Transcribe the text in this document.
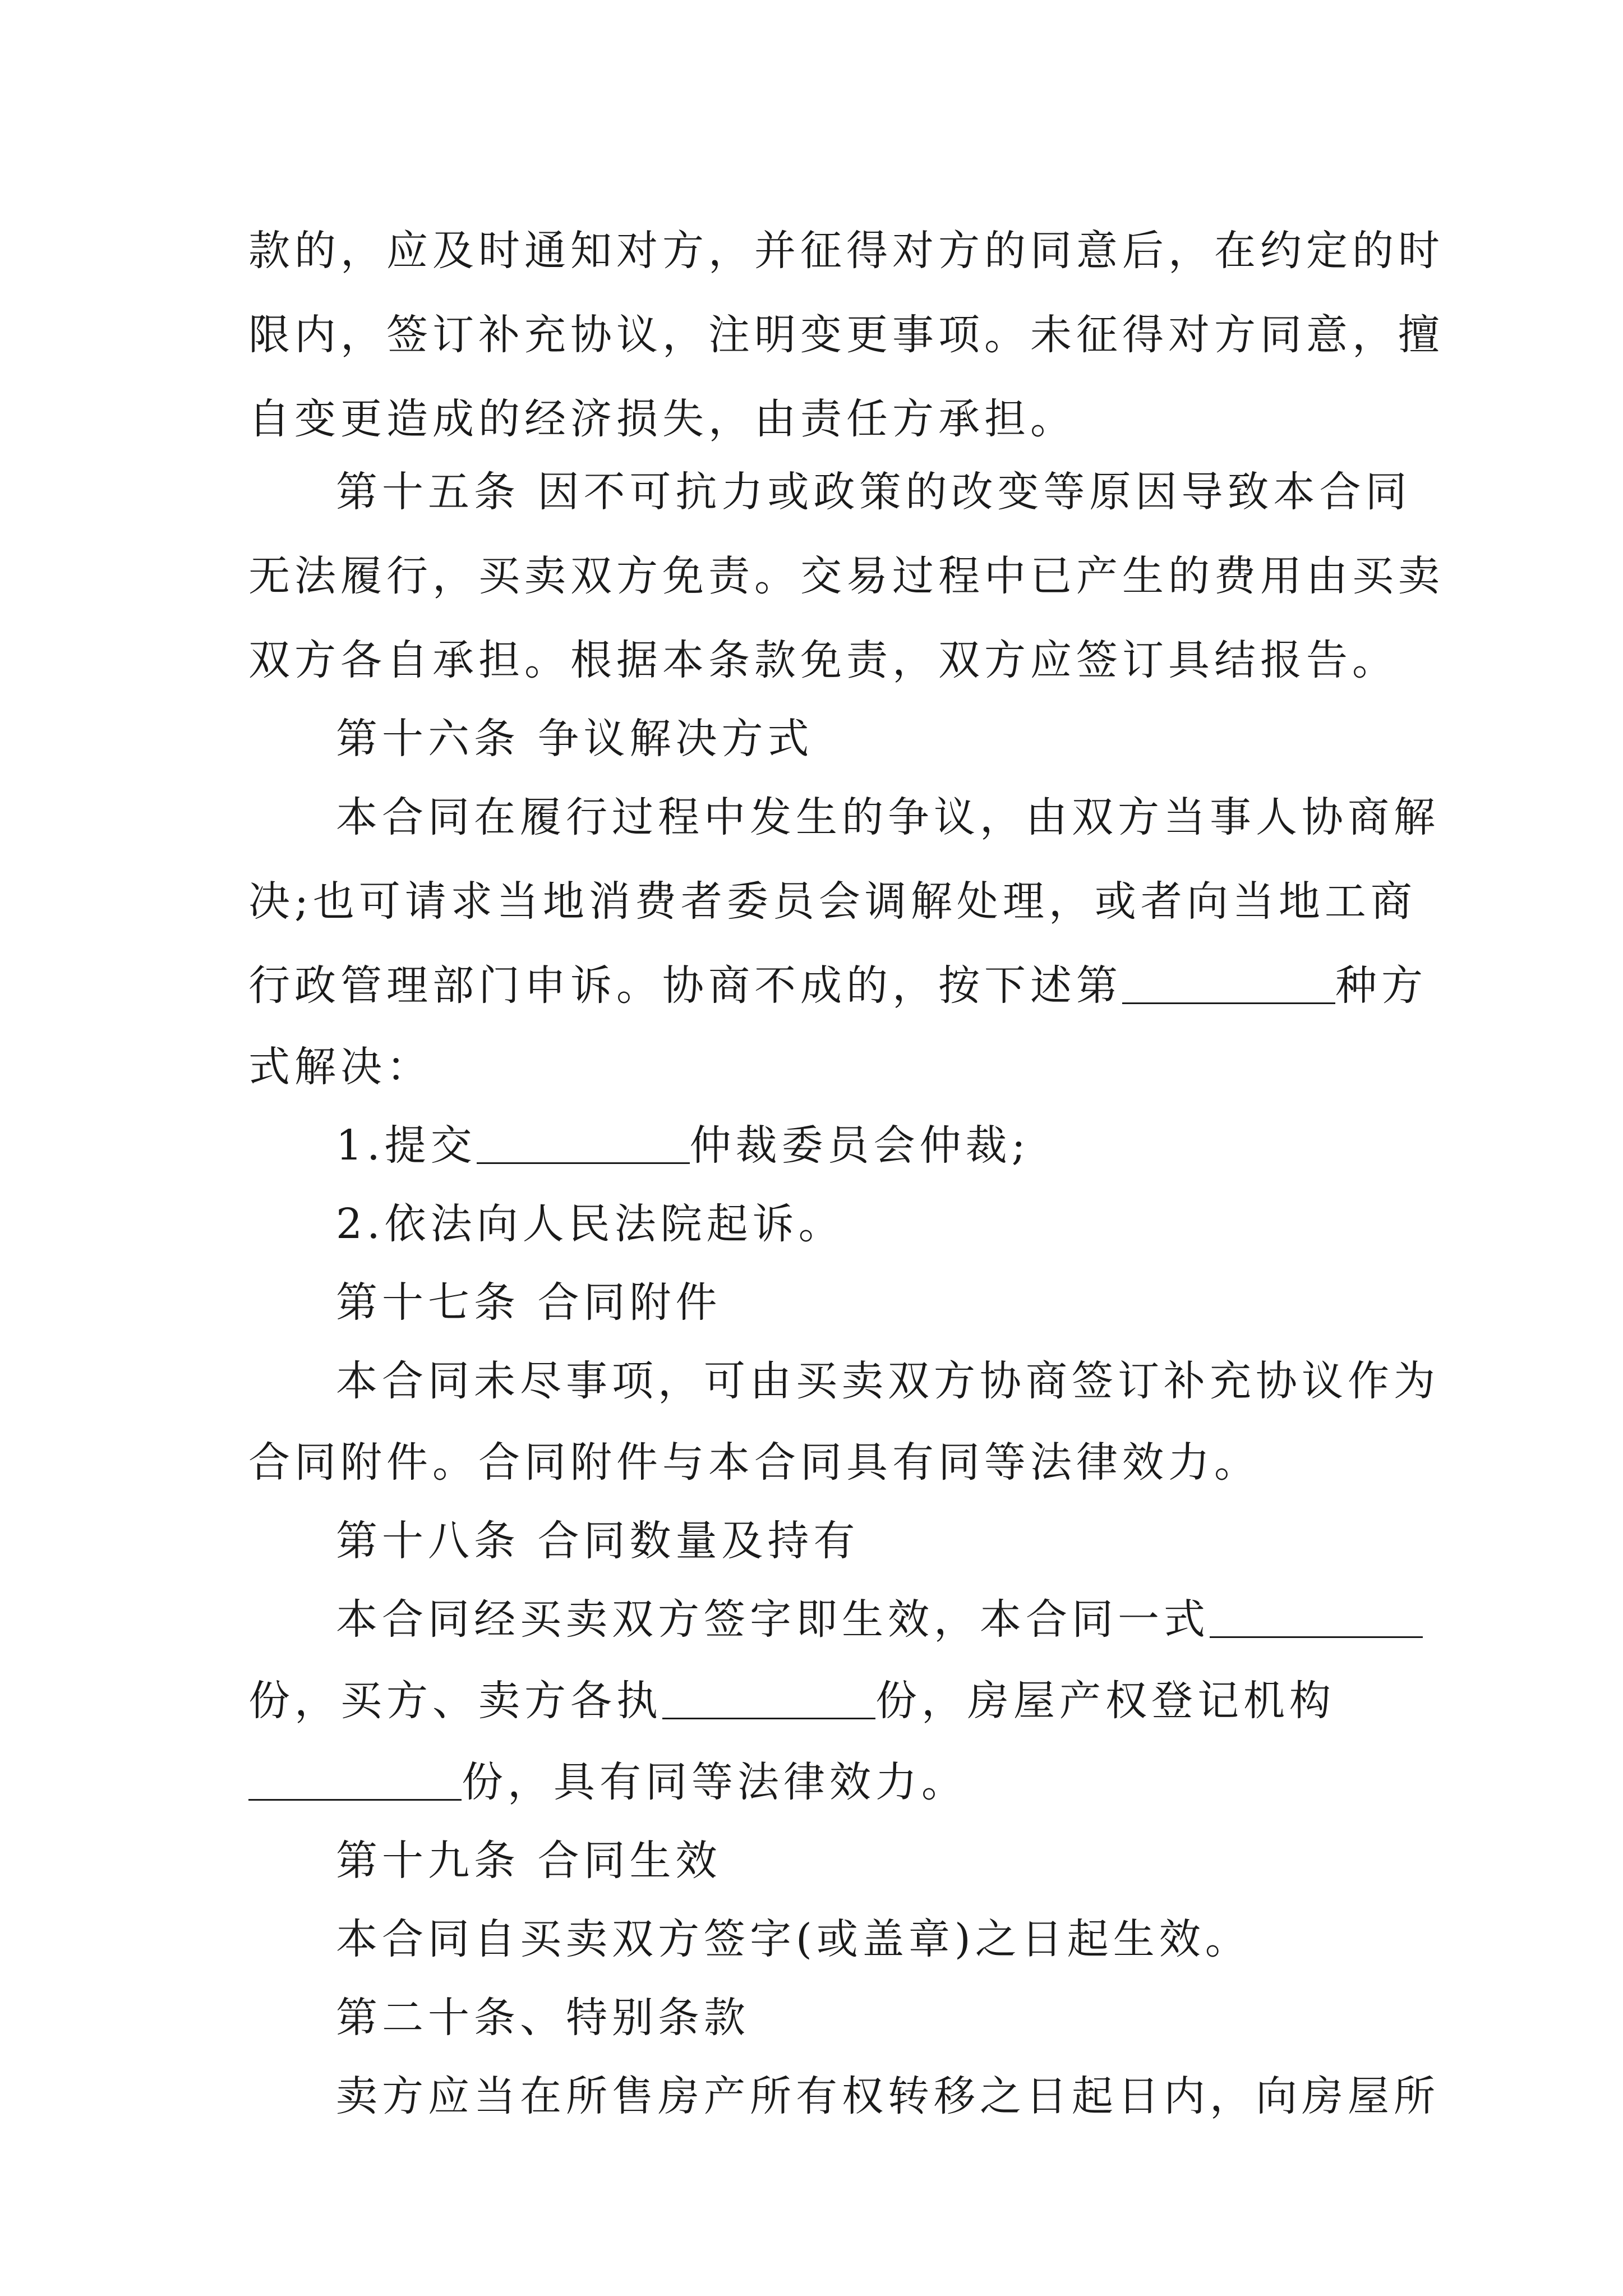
款的，应及时通知对方，并征得对方的同意后，在约定的时
限内，签订补充协议，注明变更事项。未征得对方同意，擅
自变更造成的经济损失，由责任方承担。
第十五条 因不可抗力或政策的改变等原因导致本合同
无法履行，买卖双方免责。交易过程中已产生的费用由买卖
双方各自承担。根据本条款免责，双方应签订具结报告。
第十六条 争议解决方式
本合同在履行过程中发生的争议，由双方当事人协商解
决;也可请求当地消费者委员会调解处理，或者向当地工商
行政管理部门申诉。协商不成的，按下述第	种方
式解决：
1.提交	仲裁委员会仲裁;
2.依法向人民法院起诉。
第十七条 合同附件
本合同未尽事项，可由买卖双方协商签订补充协议作为
合同附件。合同附件与本合同具有同等法律效力。
第十八条 合同数量及持有
本合同经买卖双方签字即生效，本合同一式
份，买方、卖方各执	份，房屋产权登记机构
份，具有同等法律效力。
第十九条 合同生效
本合同自买卖双方签字(或盖章)之日起生效。
第二十条、特别条款
卖方应当在所售房产所有权转移之日起日内，向房屋所
